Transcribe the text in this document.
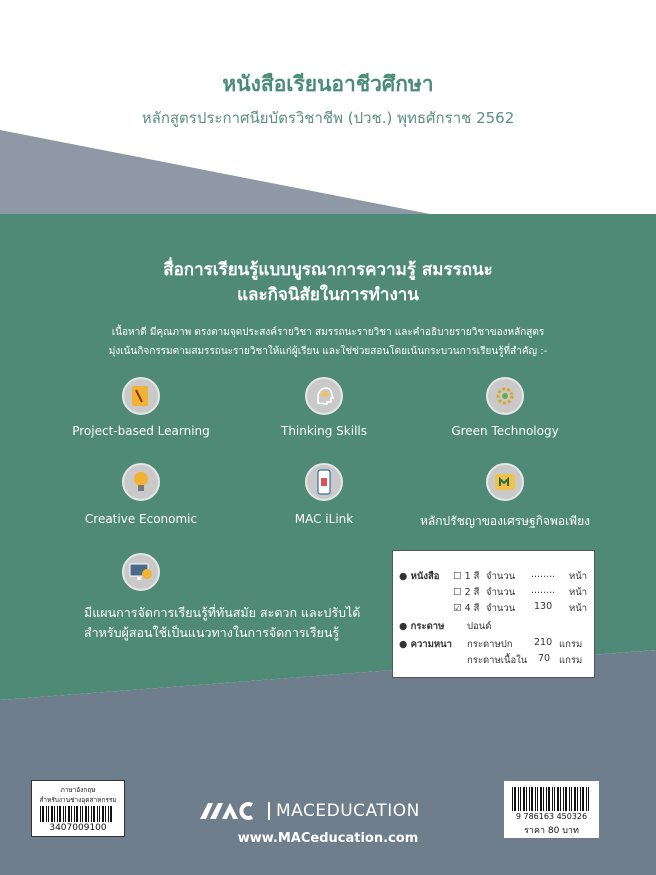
หนังสือเรียนอาชีวศึกษา
หลักสูตรประกาศนียบัตรวิชาชีพ (ปวช.) พุทธศักราช 2562
สื่อการเรียนรู้แบบบูรณาการความรู้ สมรรถนะ
และกิจนิสัยในการทำงาน
เนื้อหาดี มีคุณภาพ ตรงตามจุดประสงค์รายวิชา สมรรถนะรายวิชา และคำอธิบายรายวิชาของหลักสูตร
มุ่งเน้นกิจกรรมตามสมรรถนะรายวิชาให้แก่ผู้เรียน และใช่ช่วยสอนโดยเน้นกระบวนการเรียนรู้ที่สำคัญ :-
Project-based Learning	Thinking Skills	Green Technology
Creative Economic	MAC iLink	หลักปรัชญาของเศรษฐกิจพอเพียง
มีแผนการจัดการเรียนรู้ที่ทันสมัย สะดวก และปรับได้
สำหรับผู้สอนใช้เป็นแนวทางในการจัดการเรียนรู้
● หนังสือ ☐ 1 สี จำนวน ........ หน้า
☐ 2 สี จำนวน ........ หน้า
☑ 4 สี จำนวน 130 หน้า
● กระดาษ ปอนด์
● ความหนา กระดาษปก 210 แกรม
กระดาษเนื้อใน 70 แกรม
ภาษาอังกฤษ
สำหรับงานช่างอุตสาหกรรม
3407009100
MACEDUCATION
www.MACeducation.com
9 786163 450326
ราคา 80 บาท
